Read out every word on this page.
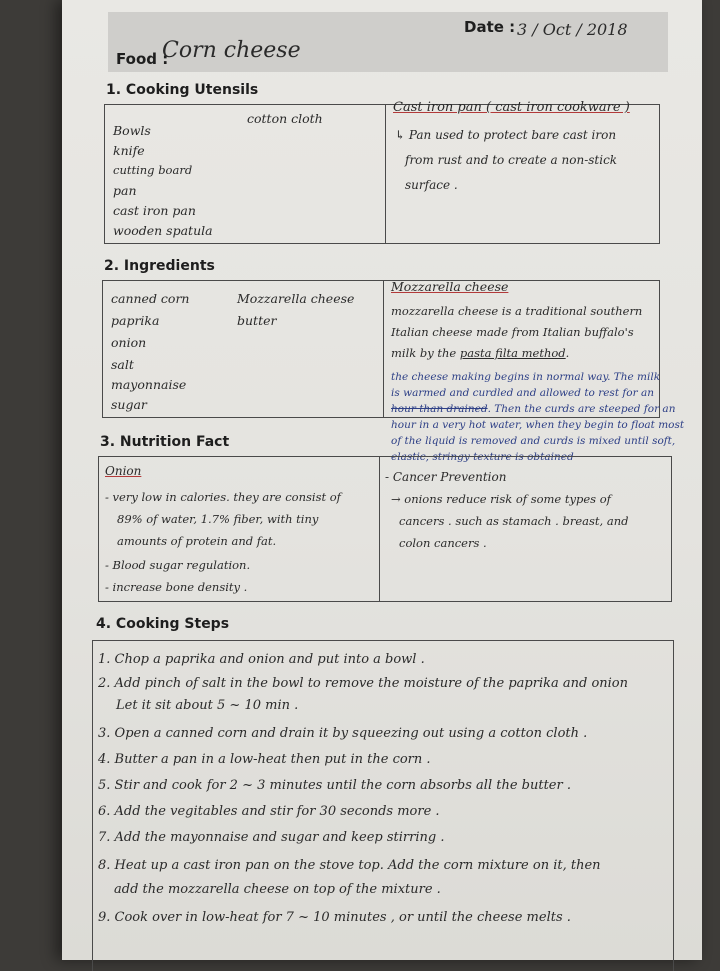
Food :
Corn cheese
Date : 3 / Oct / 2018
1. Cooking Utensils
Bowls
knife
cutting board
pan
cast iron pan
wooden spatula
cotton cloth
Cast iron pan ( cast iron cookware )
↳ Pan used to protect bare cast iron
from rust and to create a non-stick
surface .
2. Ingredients
canned corn
paprika
onion
salt
mayonnaise
sugar
Mozzarella cheese
butter
Mozzarella cheese
mozzarella cheese is a traditional southern
Italian cheese made from Italian buffalo's
milk by the pasta filta method.
the cheese making begins in normal way. The milk
is warmed and curdled and allowed to rest for an
hour than drained. Then the curds are steeped for an
hour in a very hot water, when they begin to float most
of the liquid is removed and curds is mixed until soft,
elastic, stringy texture is obtained
3. Nutrition Fact
Onion
- very low in calories. they are consist of
89% of water, 1.7% fiber, with tiny
amounts of protein and fat.
- Blood sugar regulation.
- increase bone density .
- Cancer Prevention
→ onions reduce risk of some types of
cancers . such as stamach . breast, and
colon cancers .
4. Cooking Steps
1. Chop a paprika and onion and put into a bowl .
2. Add pinch of salt in the bowl to remove the moisture of the paprika and onion
Let it sit about 5 ~ 10 min .
3. Open a canned corn and drain it by squeezing out using a cotton cloth .
4. Butter a pan in a low-heat then put in the corn .
5. Stir and cook for 2 ~ 3 minutes until the corn absorbs all the butter .
6. Add the vegitables and stir for 30 seconds more .
7. Add the mayonnaise and sugar and keep stirring .
8. Heat up a cast iron pan on the stove top. Add the corn mixture on it, then
add the mozzarella cheese on top of the mixture .
9. Cook over in low-heat for 7 ~ 10 minutes , or until the cheese melts .
